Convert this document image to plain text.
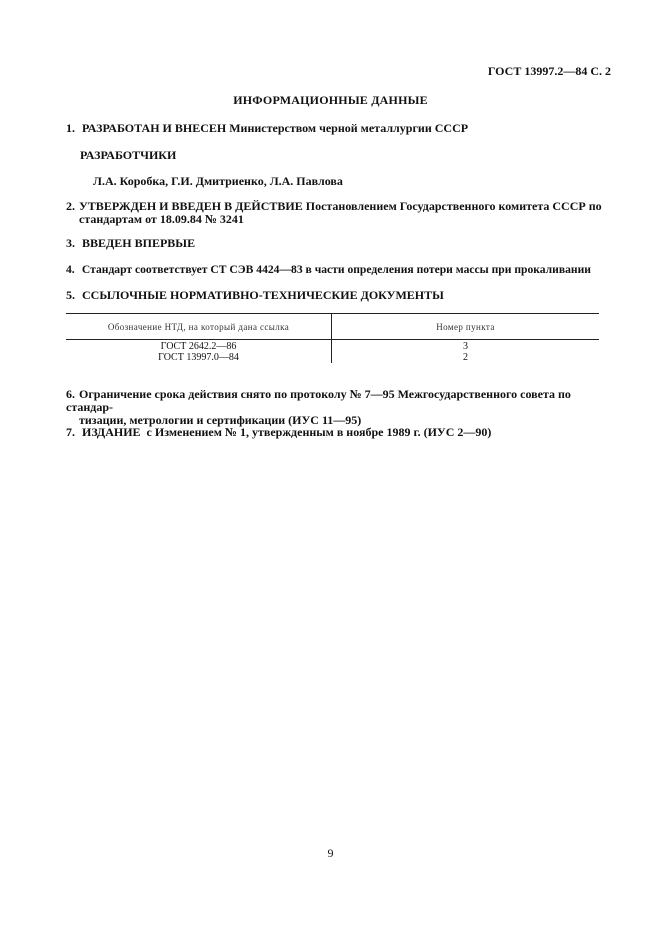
ГОСТ 13997.2—84 С. 2
ИНФОРМАЦИОННЫЕ ДАННЫЕ
1. РАЗРАБОТАН И ВНЕСЕН Министерством черной металлургии СССР
РАЗРАБОТЧИКИ
Л.А. Коробка, Г.И. Дмитриенко, Л.А. Павлова
2. УТВЕРЖДЕН И ВВЕДЕН В ДЕЙСТВИЕ Постановлением Государственного комитета СССР по
стандартам от 18.09.84 № 3241
3. ВВЕДЕН ВПЕРВЫЕ
4. Стандарт соответствует СТ СЭВ 4424—83 в части определения потери массы при прокаливании
5. ССЫЛОЧНЫЕ НОРМАТИВНО-ТЕХНИЧЕСКИЕ ДОКУМЕНТЫ
Обозначение НТД, на который дана ссылка	Номер пункта
ГОСТ 2642.2—86	3
ГОСТ 13997.0—84	2
6. Ограничение срока действия снято по протоколу № 7—95 Межгосударственного совета по стандар-
тизации, метрологии и сертификации (ИУС 11—95)
7. ИЗДАНИЕ  с Изменением № 1, утвержденным в ноябре 1989 г. (ИУС 2—90)
9
